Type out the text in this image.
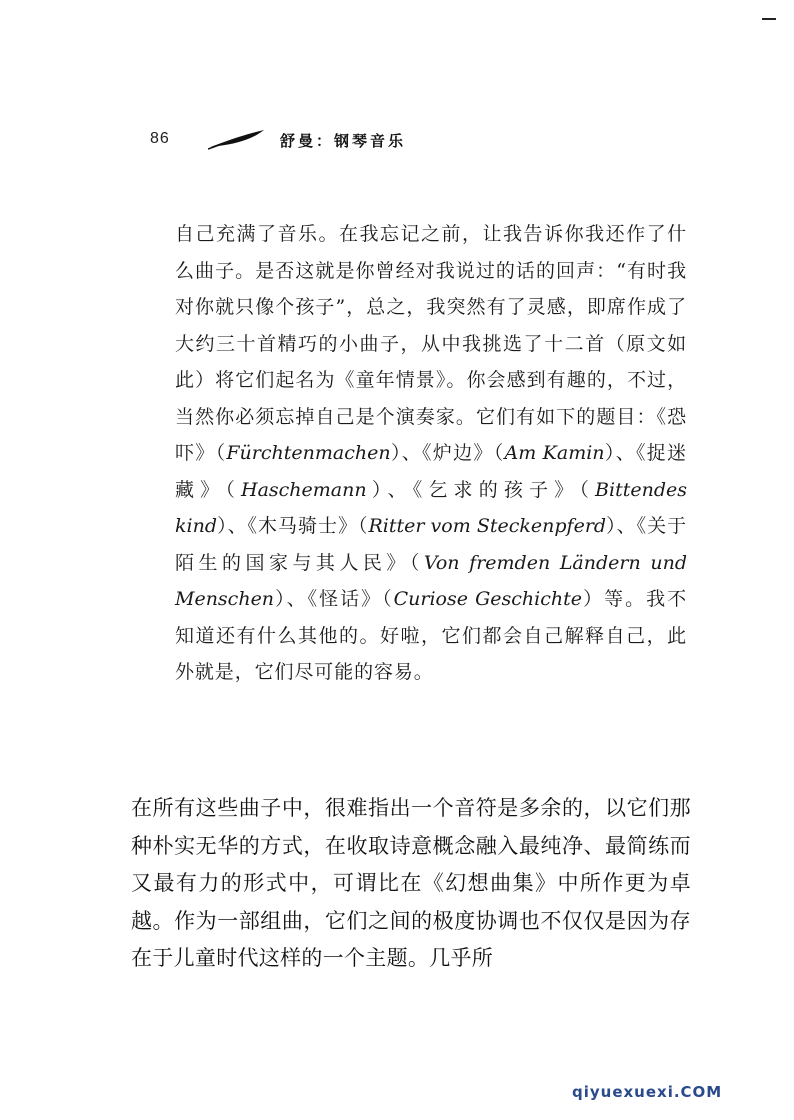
86	舒曼：钢琴音乐

自己充满了音乐。在我忘记之前，让我告诉你我还作了什么曲子。是否这就是你曾经对我说过的话的回声：“有时我对你就只像个孩子”，总之，我突然有了灵感，即席作成了大约三十首精巧的小曲子，从中我挑选了十二首（原文如此）将它们起名为《童年情景》。你会感到有趣的，不过，当然你必须忘掉自己是个演奏家。它们有如下的题目：《恐吓》（Fürchtenmachen）、《炉边》（Am Kamin）、《捉迷藏》（Haschemann）、《乞求的孩子》（Bittendes kind）、《木马骑士》（Ritter vom Steckenpferd）、《关于陌生的国家与其人民》（Von fremden Ländern und Menschen）、《怪话》（Curiose Geschichte）等。我不知道还有什么其他的。好啦，它们都会自己解释自己，此外就是，它们尽可能的容易。

在所有这些曲子中，很难指出一个音符是多余的，以它们那种朴实无华的方式，在收取诗意概念融入最纯净、最简练而又最有力的形式中，可谓比在《幻想曲集》中所作更为卓越。作为一部组曲，它们之间的极度协调也不仅仅是因为存在于儿童时代这样的一个主题。几乎所

qiyuexuexi.COM
